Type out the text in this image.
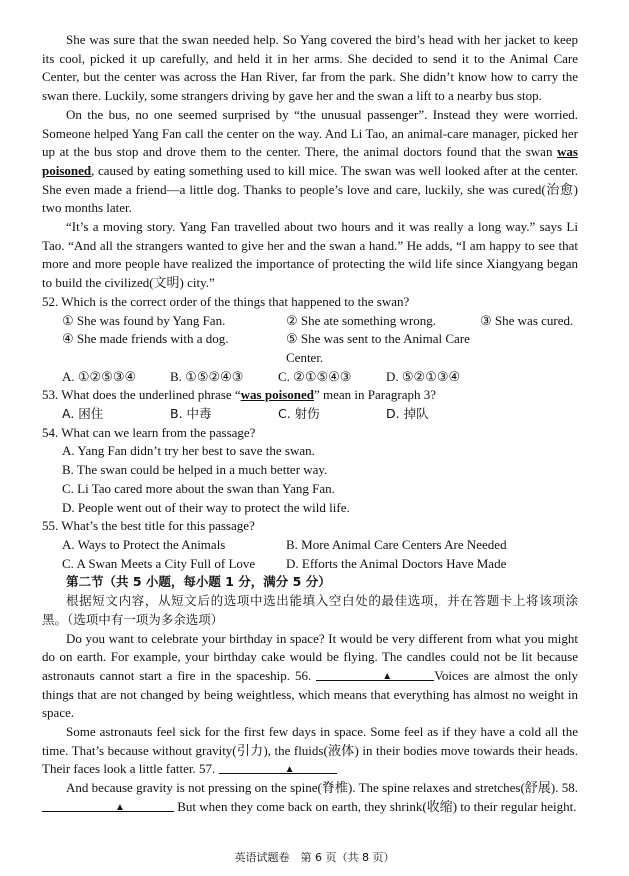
She was sure that the swan needed help. So Yang covered the bird’s head with her jacket to keep its cool, picked it up carefully, and held it in her arms. She decided to send it to the Animal Care Center, but the center was across the Han River, far from the park. She didn’t know how to carry the swan there. Luckily, some strangers driving by gave her and the swan a lift to a nearby bus stop.

On the bus, no one seemed surprised by “the unusual passenger”. Instead they were worried. Someone helped Yang Fan call the center on the way. And Li Tao, an animal-care manager, picked her up at the bus stop and drove them to the center. There, the animal doctors found that the swan was poisoned, caused by eating something used to kill mice. The swan was well looked after at the center. She even made a friend—a little dog. Thanks to people’s love and care, luckily, she was cured(治愈) two months later.

“It’s a moving story. Yang Fan travelled about two hours and it was really a long way.” says Li Tao. “And all the strangers wanted to give her and the swan a hand.” He adds, “I am happy to see that more and more people have realized the importance of protecting the wild life since Xiangyang began to build the civilized(文明) city.”

52. Which is the correct order of the things that happened to the swan?

① She was found by Yang Fan.	② She ate something wrong.	③ She was cured.
④ She made friends with a dog.	⑤ She was sent to the Animal Care Center.
A. ①②⑤③④	B. ①⑤②④③	C. ②①⑤④③	D. ⑤②①③④

53. What does the underlined phrase “was poisoned” mean in Paragraph 3?

A. 困住	B. 中毒	C. 射伤	D. 掉队

54. What can we learn from the passage?

A. Yang Fan didn’t try her best to save the swan.

B. The swan could be helped in a much better way.

C. Li Tao cared more about the swan than Yang Fan.

D. People went out of their way to protect the wild life.

55. What’s the best title for this passage?

A. Ways to Protect the Animals	B. More Animal Care Centers Are Needed
C. A Swan Meets a City Full of Love	D. Efforts the Animal Doctors Have Made

第二节（共 5 小题，每小题 1 分，满分 5 分）

根据短文内容，从短文后的选项中选出能填入空白处的最佳选项，并在答题卡上将该项涂黑。（选项中有一项为多余选项）

Do you want to celebrate your birthday in space? It would be very different from what you might do on earth. For example, your birthday cake would be flying. The candles could not be lit because astronauts cannot start a fire in the spaceship. 56.	▲	Voices are almost the only things that are not changed by being weightless, which means that everything has almost no weight in space.

Some astronauts feel sick for the first few days in space. Some feel as if they have a cold all the time. That’s because without gravity(引力), the fluids(液体) in their bodies move towards their heads. Their faces look a little fatter. 57.	▲

And because gravity is not pressing on the spine(脊椎). The spine relaxes and stretches(舒展). 58. ▲	But when they come back on earth, they shrink(收缩) to their regular height.

英语试题卷　第 6 页（共 8 页）
